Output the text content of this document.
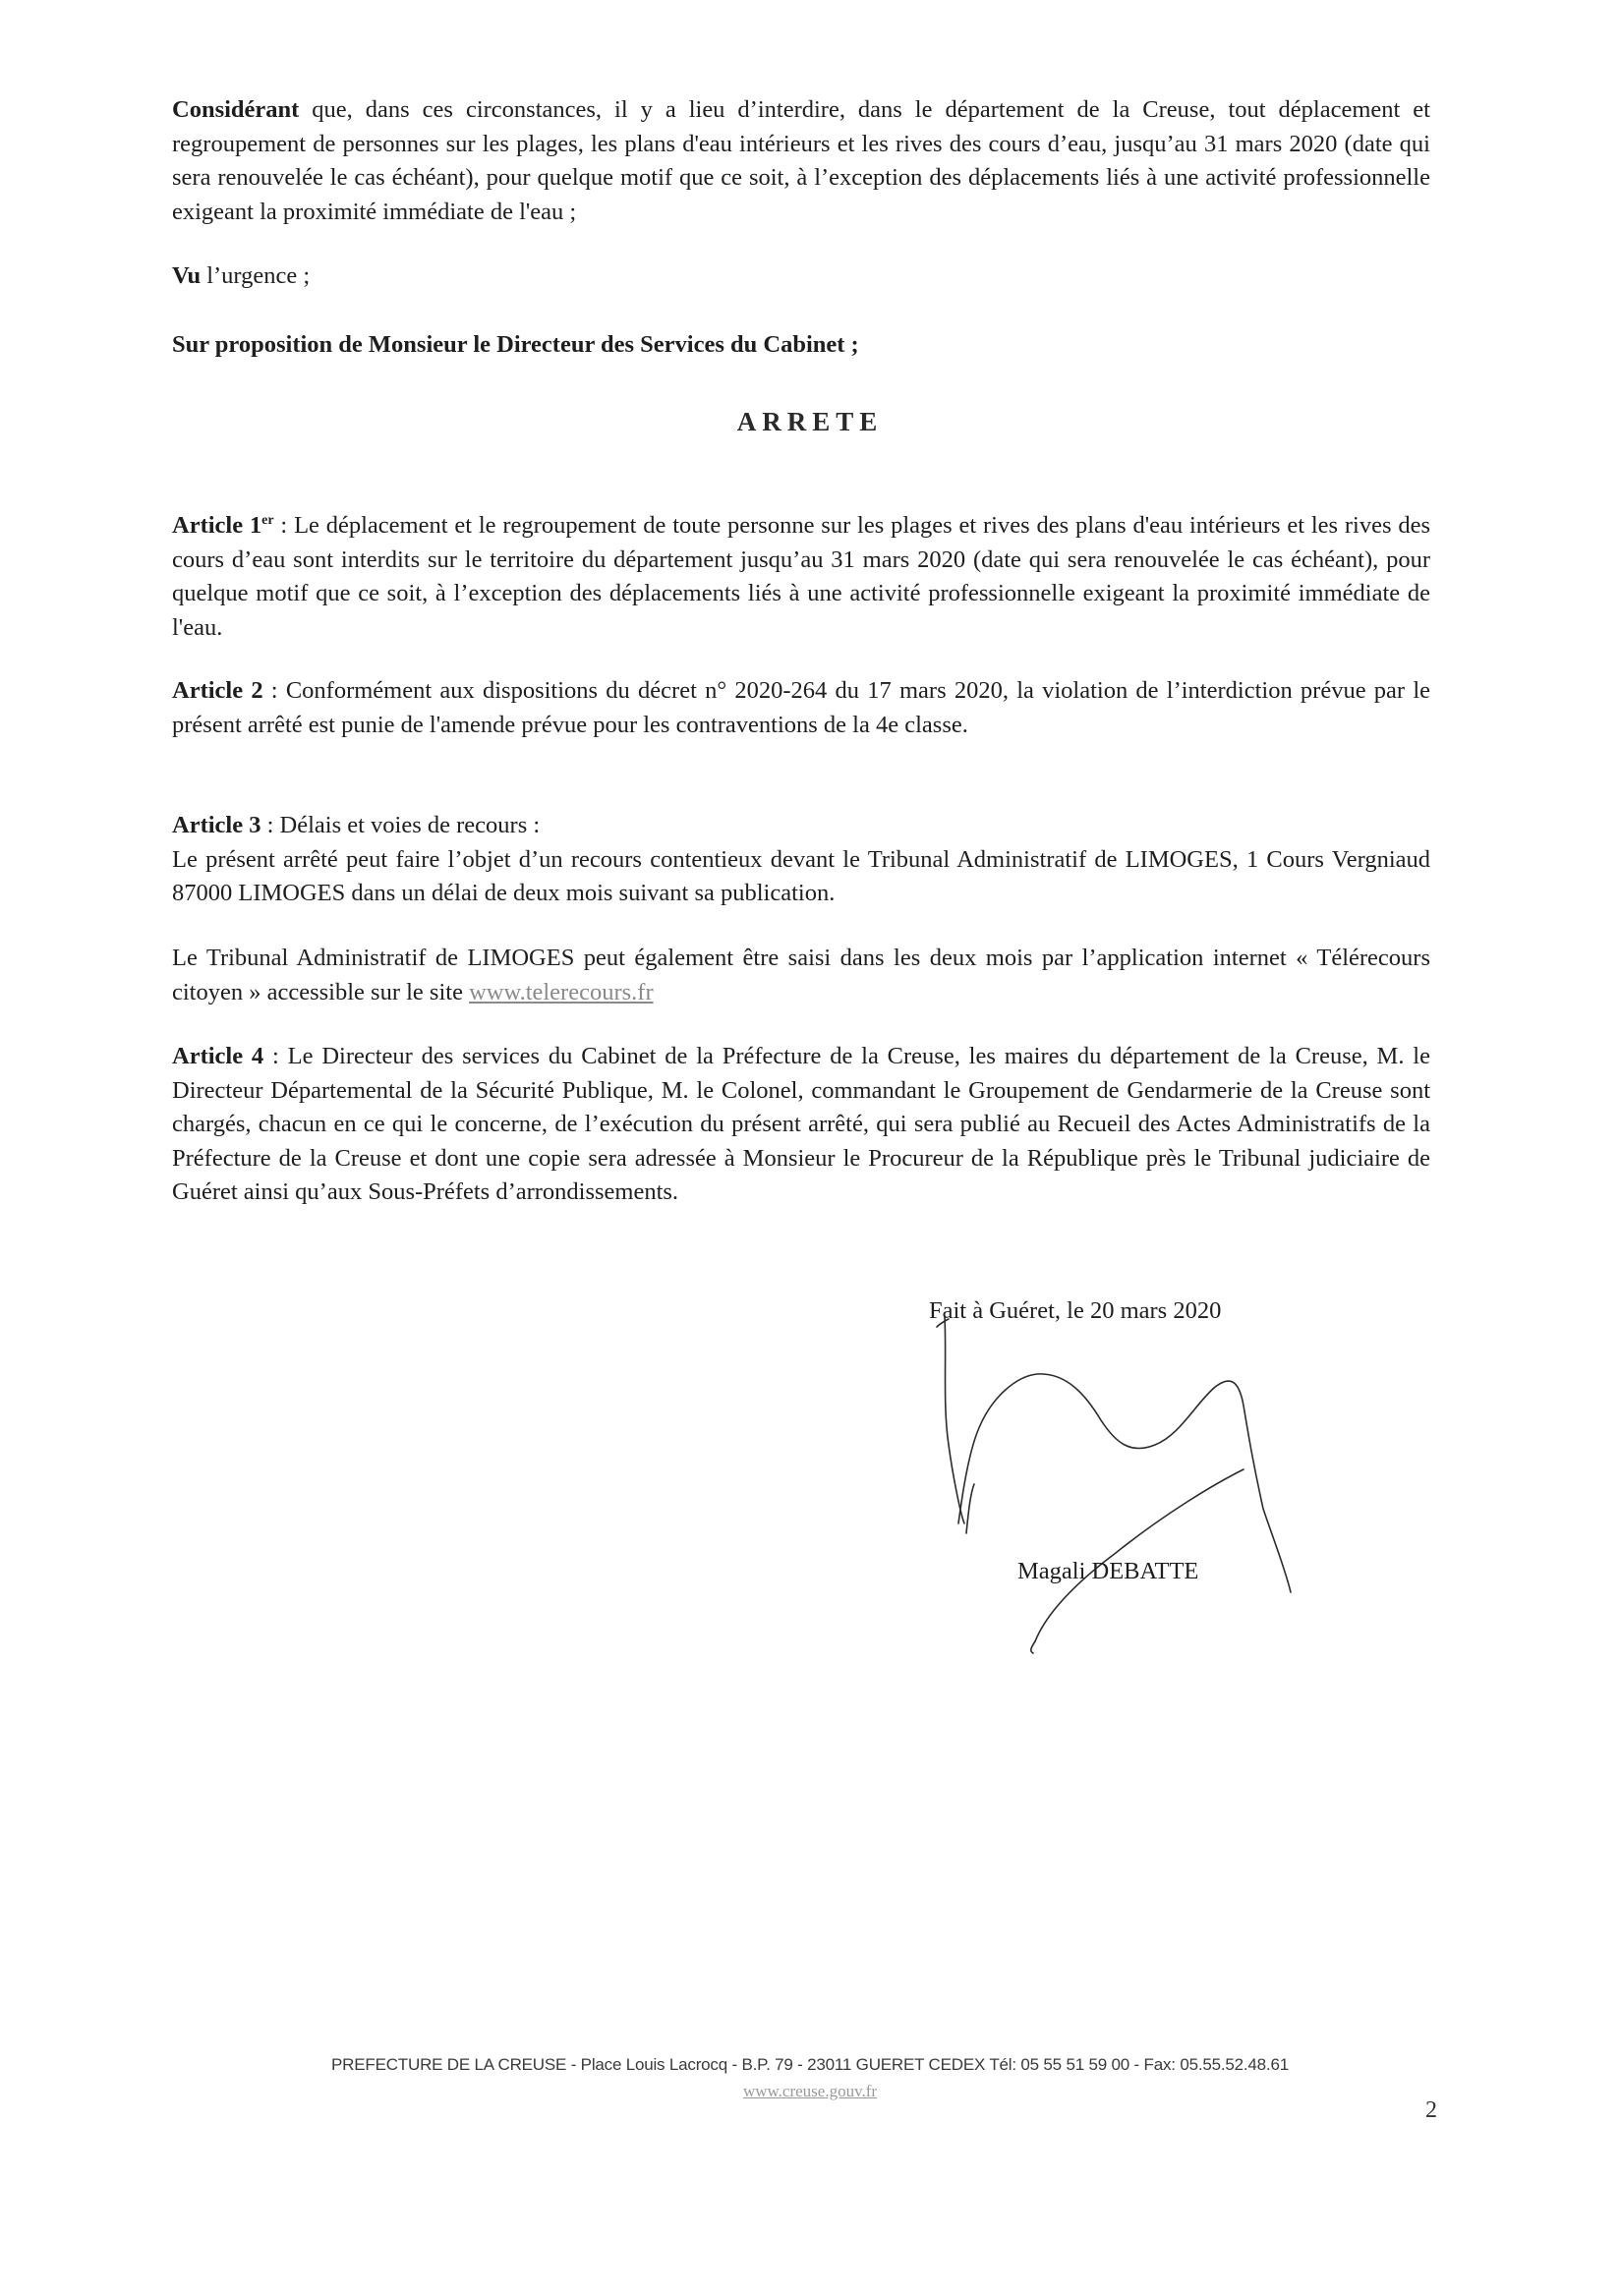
Considérant que, dans ces circonstances, il y a lieu d’interdire, dans le département de la Creuse, tout déplacement et regroupement de personnes sur les plages, les plans d'eau intérieurs et les rives des cours d’eau, jusqu’au 31 mars 2020 (date qui sera renouvelée le cas échéant), pour quelque motif que ce soit, à l’exception des déplacements liés à une activité professionnelle exigeant la proximité immédiate de l'eau ;

Vu l’urgence ;

Sur proposition de Monsieur le Directeur des Services du Cabinet ;

ARRETE

Article 1er : Le déplacement et le regroupement de toute personne sur les plages et rives des plans d'eau intérieurs et les rives des cours d’eau sont interdits sur le territoire du département jusqu’au 31 mars 2020 (date qui sera renouvelée le cas échéant), pour quelque motif que ce soit, à l’exception des déplacements liés à une activité professionnelle exigeant la proximité immédiate de l'eau.

Article 2 : Conformément aux dispositions du décret n° 2020-264 du 17 mars 2020, la violation de l’interdiction prévue par le présent arrêté est punie de l'amende prévue pour les contraventions de la 4e classe.

Article 3 : Délais et voies de recours :
Le présent arrêté peut faire l’objet d’un recours contentieux devant le Tribunal Administratif de LIMOGES, 1 Cours Vergniaud 87000 LIMOGES dans un délai de deux mois suivant sa publication.

Le Tribunal Administratif de LIMOGES peut également être saisi dans les deux mois par l’application internet « Télérecours citoyen » accessible sur le site www.telerecours.fr

Article 4 : Le Directeur des services du Cabinet de la Préfecture de la Creuse, les maires du département de la Creuse, M. le Directeur Départemental de la Sécurité Publique, M. le Colonel, commandant le Groupement de Gendarmerie de la Creuse sont chargés, chacun en ce qui le concerne, de l’exécution du présent arrêté, qui sera publié au Recueil des Actes Administratifs de la Préfecture de la Creuse et dont une copie sera adressée à Monsieur le Procureur de la République près le Tribunal judiciaire de Guéret ainsi qu’aux Sous-Préfets d’arrondissements.

Fait à Guéret, le 20 mars 2020
Magali DEBATTE
PREFECTURE DE LA CREUSE - Place Louis Lacrocq - B.P. 79 - 23011 GUERET CEDEX Tél: 05 55 51 59 00 - Fax: 05.55.52.48.61
www.creuse.gouv.fr
2
